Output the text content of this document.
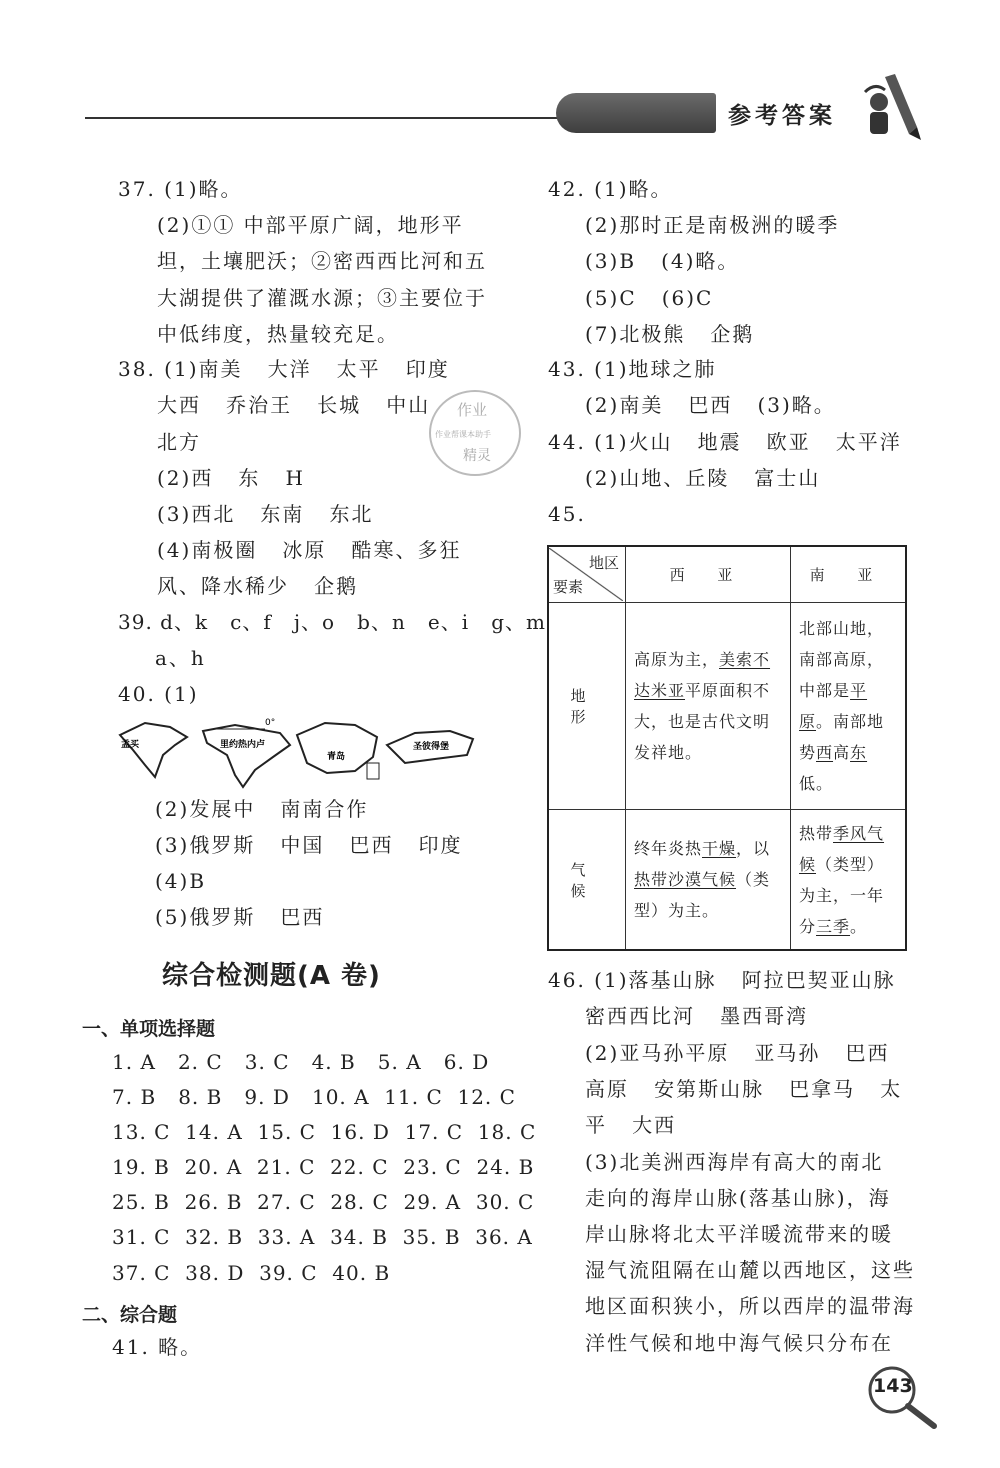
参考答案
37. (1)略。
(2)①① 中部平原广阔，地形平
坦，土壤肥沃；②密西西比河和五
大湖提供了灌溉水源；③主要位于
中低纬度，热量较充足。
38. (1)南美   大洋   太平   印度
大西   乔治王   长城   中山
北方
(2)西   东   H
(3)西北   东南   东北
(4)南极圈   冰原   酷寒、多狂
风、降水稀少   企鹅
39. d、k   c、f   j、o   b、n   e、i   g、m
a、h
40. (1)
作业
作业帮课本助手
精灵
孟买
0°
里约热内卢
青岛
圣彼得堡
(2)发展中   南南合作
(3)俄罗斯   中国   巴西   印度
(4)B
(5)俄罗斯   巴西
综合检测题(A 卷)
一、单项选择题
1. A   2. C   3. C   4. B   5. A   6. D
7. B   8. B   9. D   10. A  11. C  12. C
13. C  14. A  15. C  16. D  17. C  18. C
19. B  20. A  21. C  22. C  23. C  24. B
25. B  26. B  27. C  28. C  29. A  30. C
31. C  32. B  33. A  34. B  35. B  36. A
37. C  38. D  39. C  40. B
二、综合题
41. 略。
42. (1)略。
(2)那时正是南极洲的暖季
(3)B   (4)略。
(5)C   (6)C
(7)北极熊   企鹅
43. (1)地球之肺
(2)南美   巴西   (3)略。
44. (1)火山   地震   欧亚   太平洋
(2)山地、丘陵   富士山
45.
地区
要素	西 亚	南 亚
地 形	高原为主，美索不达米亚平原面积不大，也是古代文明发祥地。	北部山地，南部高原，中部是平原。南部地势西高东低。
气 候	终年炎热干燥，以热带沙漠气候（类型）为主。	热带季风气候（类型）为主，一年分三季。
46. (1)落基山脉   阿拉巴契亚山脉
密西西比河   墨西哥湾
(2)亚马孙平原   亚马孙   巴西
高原   安第斯山脉   巴拿马   太
平   大西
(3)北美洲西海岸有高大的南北
走向的海岸山脉(落基山脉)，海
岸山脉将北太平洋暖流带来的暖
湿气流阻隔在山麓以西地区，这些
地区面积狭小，所以西岸的温带海
洋性气候和地中海气候只分布在
143
